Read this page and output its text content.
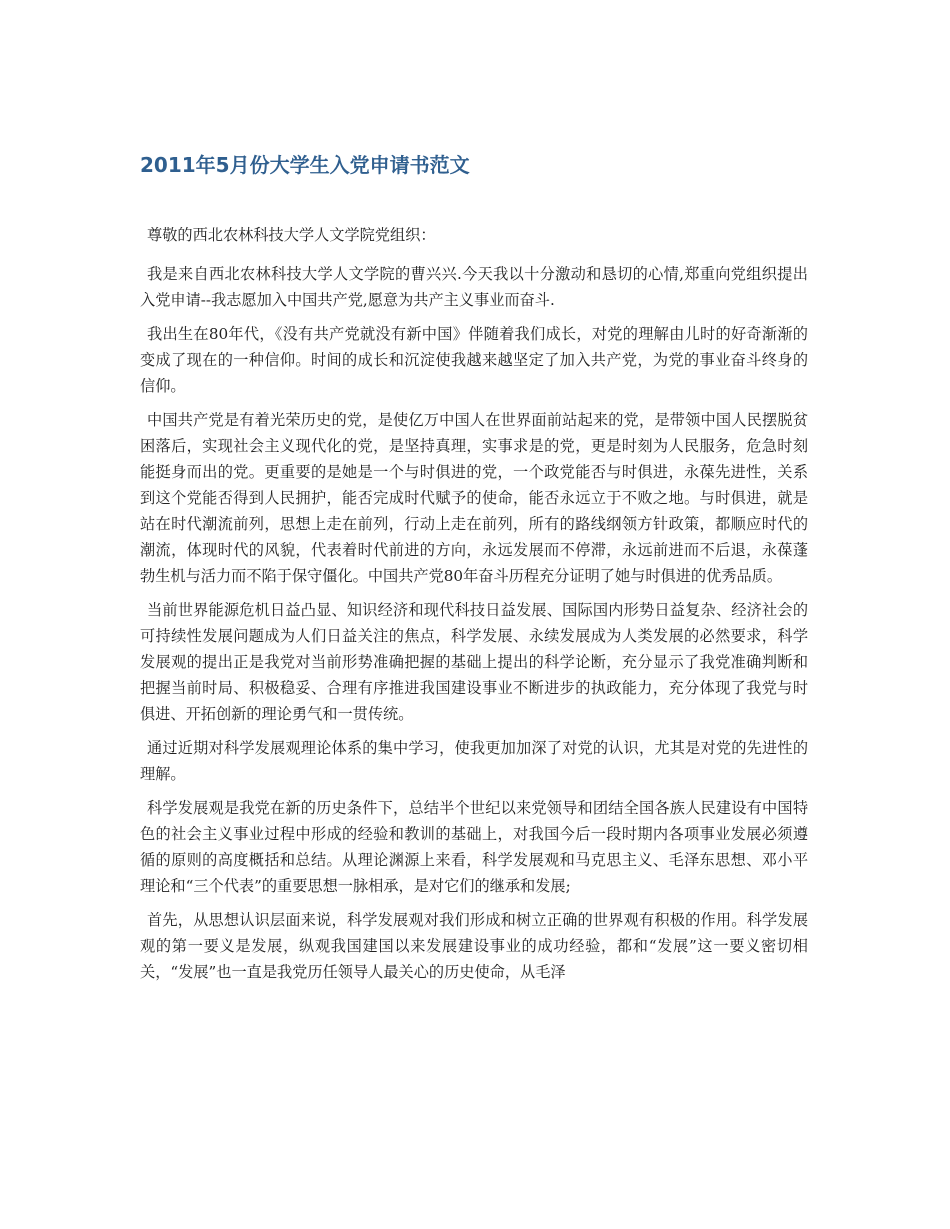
2011年5月份大学生入党申请书范文

尊敬的西北农林科技大学人文学院党组织：

我是来自西北农林科技大学人文学院的曹兴兴.今天我以十分激动和恳切的心情,郑重向党组织提出入党申请--我志愿加入中国共产党,愿意为共产主义事业而奋斗.

我出生在80年代，《没有共产党就没有新中国》伴随着我们成长，对党的理解由儿时的好奇渐渐的变成了现在的一种信仰。时间的成长和沉淀使我越来越坚定了加入共产党，为党的事业奋斗终身的信仰。

中国共产党是有着光荣历史的党，是使亿万中国人在世界面前站起来的党，是带领中国人民摆脱贫困落后，实现社会主义现代化的党，是坚持真理，实事求是的党，更是时刻为人民服务，危急时刻能挺身而出的党。更重要的是她是一个与时俱进的党，一个政党能否与时俱进，永葆先进性，关系到这个党能否得到人民拥护，能否完成时代赋予的使命，能否永远立于不败之地。与时俱进，就是站在时代潮流前列，思想上走在前列，行动上走在前列，所有的路线纲领方针政策，都顺应时代的潮流，体现时代的风貌，代表着时代前进的方向，永远发展而不停滞，永远前进而不后退，永葆蓬勃生机与活力而不陷于保守僵化。中国共产党80年奋斗历程充分证明了她与时俱进的优秀品质。

当前世界能源危机日益凸显、知识经济和现代科技日益发展、国际国内形势日益复杂、经济社会的可持续性发展问题成为人们日益关注的焦点，科学发展、永续发展成为人类发展的必然要求，科学发展观的提出正是我党对当前形势准确把握的基础上提出的科学论断，充分显示了我党准确判断和把握当前时局、积极稳妥、合理有序推进我国建设事业不断进步的执政能力，充分体现了我党与时俱进、开拓创新的理论勇气和一贯传统。

通过近期对科学发展观理论体系的集中学习，使我更加加深了对党的认识，尤其是对党的先进性的理解。

科学发展观是我党在新的历史条件下，总结半个世纪以来党领导和团结全国各族人民建设有中国特色的社会主义事业过程中形成的经验和教训的基础上，对我国今后一段时期内各项事业发展必须遵循的原则的高度概括和总结。从理论渊源上来看，科学发展观和马克思主义、毛泽东思想、邓小平理论和“三个代表”的重要思想一脉相承，是对它们的继承和发展;

首先，从思想认识层面来说，科学发展观对我们形成和树立正确的世界观有积极的作用。科学发展观的第一要义是发展，纵观我国建国以来发展建设事业的成功经验，都和“发展”这一要义密切相关，“发展”也一直是我党历任领导人最关心的历史使命，从毛泽
